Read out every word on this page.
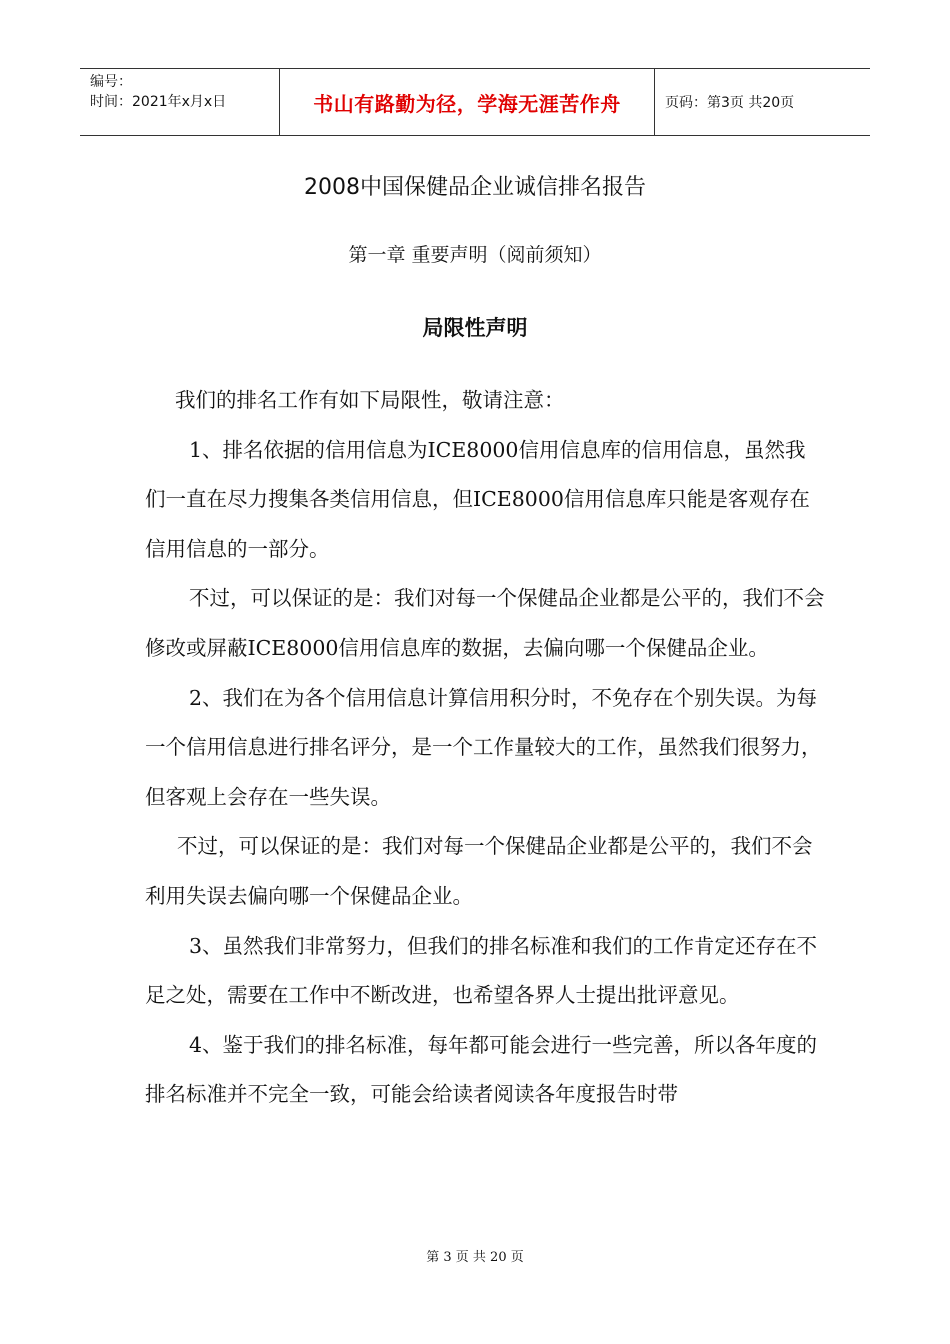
编号：
时间：2021年x月x日	书山有路勤为径，学海无涯苦作舟	页码：第3页 共20页
2008中国保健品企业诚信排名报告
第一章 重要声明（阅前须知）
局限性声明

我们的排名工作有如下局限性，敬请注意：

1、排名依据的信用信息为ICE8000信用信息库的信用信息，虽然我们一直在尽力搜集各类信用信息，但ICE8000信用信息库只能是客观存在信用信息的一部分。

不过，可以保证的是：我们对每一个保健品企业都是公平的，我们不会修改或屏蔽ICE8000信用信息库的数据，去偏向哪一个保健品企业。

2、我们在为各个信用信息计算信用积分时，不免存在个别失误。为每一个信用信息进行排名评分，是一个工作量较大的工作，虽然我们很努力，但客观上会存在一些失误。

不过，可以保证的是：我们对每一个保健品企业都是公平的，我们不会利用失误去偏向哪一个保健品企业。

3、虽然我们非常努力，但我们的排名标准和我们的工作肯定还存在不足之处，需要在工作中不断改进，也希望各界人士提出批评意见。

4、鉴于我们的排名标准，每年都可能会进行一些完善，所以各年度的排名标准并不完全一致，可能会给读者阅读各年度报告时带

第 3 页 共 20 页
